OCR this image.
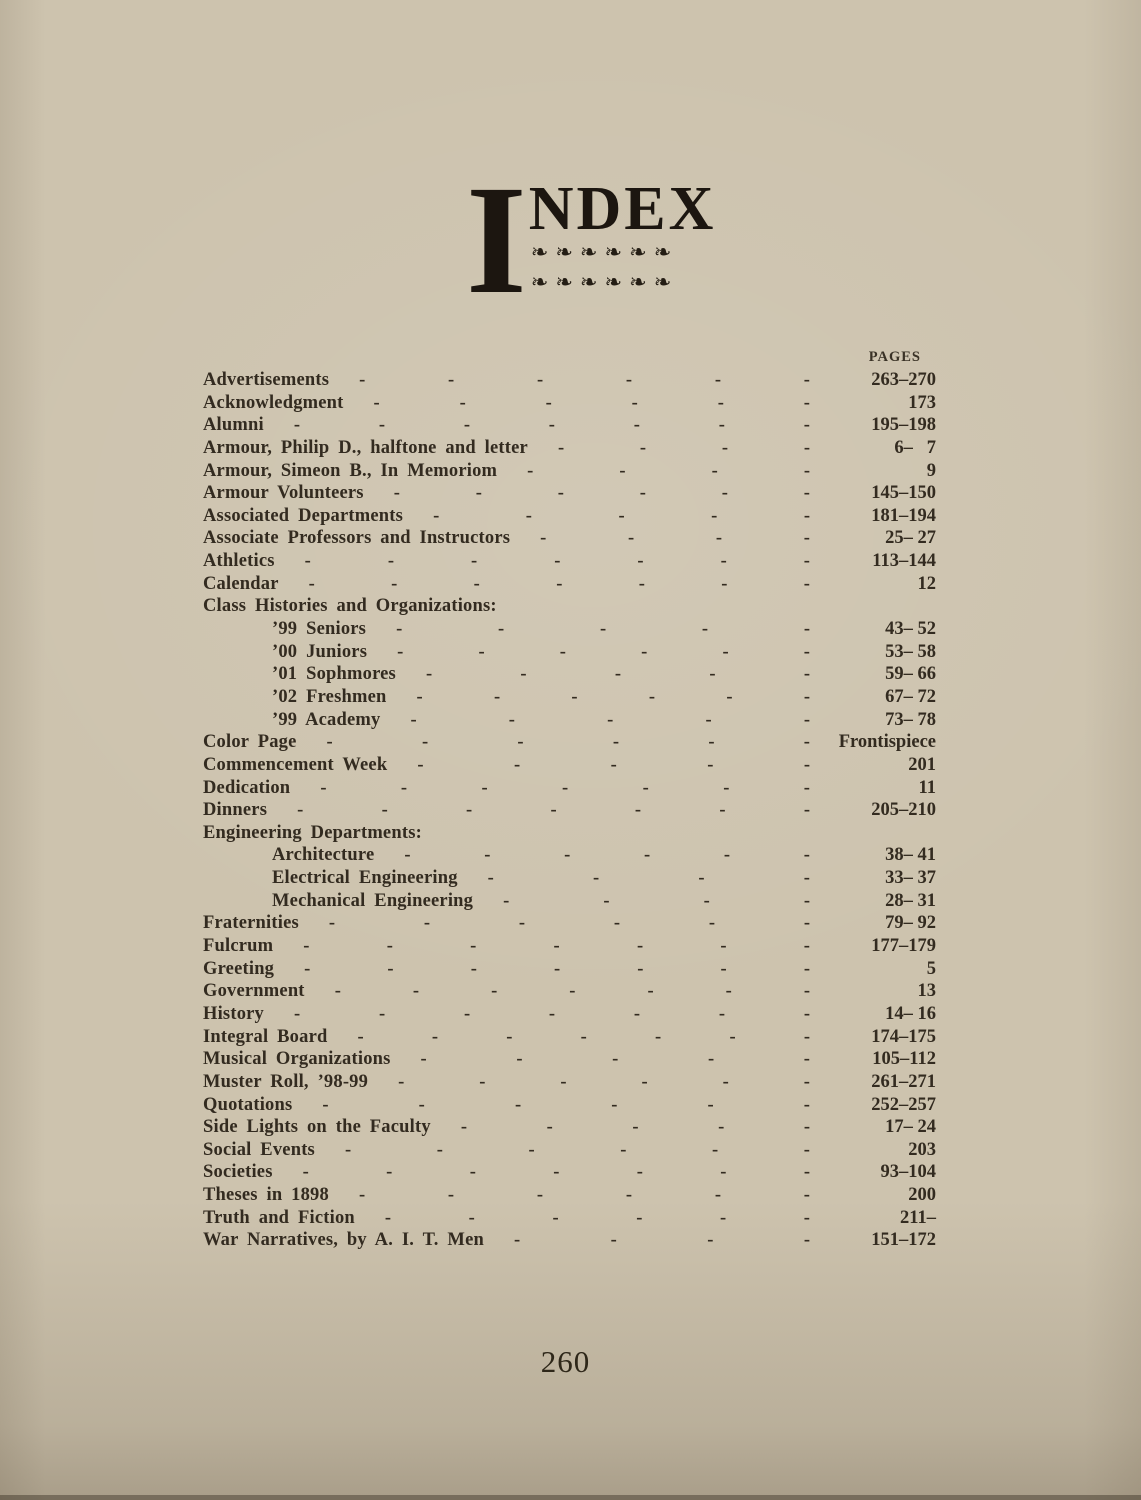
I NDEX
❧❧❧❧❧❧
❧❧❧❧❧❧
PAGES
Advertisements -	-	-	-	-	-	263–270
Acknowledgment -	-	-	-	-	-	173
Alumni -	-	-	-	-	-	-	195–198
Armour, Philip D., halftone and letter -	-	-	-	6–   7
Armour, Simeon B., In Memoriom -	-	-	-	9
Armour Volunteers -	-	-	-	-	-	145–150
Associated Departments -	-	-	-	-	181–194
Associate Professors and Instructors -	-	-	-	25– 27
Athletics -	-	-	-	-	-	-	113–144
Calendar -	-	-	-	-	-	-	12
Class Histories and Organizations:
’99 Seniors -	-	-	-	-	43– 52
’00 Juniors -	-	-	-	-	-	53– 58
’01 Sophmores -	-	-	-	-	59– 66
’02 Freshmen -	-	-	-	-	-	67– 72
’99 Academy -	-	-	-	-	73– 78
Color Page -	-	-	-	-	-	Frontispiece
Commencement Week -	-	-	-	-	201
Dedication -	-	-	-	-	-	-	11
Dinners -	-	-	-	-	-	-	205–210
Engineering Departments:
Architecture -	-	-	-	-	-	38– 41
Electrical Engineering -	-	-	-	33– 37
Mechanical Engineering -	-	-	-	28– 31
Fraternities -	-	-	-	-	-	79– 92
Fulcrum -	-	-	-	-	-	-	177–179
Greeting -	-	-	-	-	-	-	5
Government -	-	-	-	-	-	-	13
History -	-	-	-	-	-	-	14– 16
Integral Board -	-	-	-	-	-	-	174–175
Musical Organizations -	-	-	-	-	105–112
Muster Roll, ’98-99 -	-	-	-	-	-	261–271
Quotations -	-	-	-	-	-	252–257
Side Lights on the Faculty -	-	-	-	-	17– 24
Social Events -	-	-	-	-	-	203
Societies -	-	-	-	-	-	-	93–104
Theses in 1898 -	-	-	-	-	-	200
Truth and Fiction -	-	-	-	-	-	211–
War Narratives, by A. I. T. Men -	-	-	-	151–172
260
